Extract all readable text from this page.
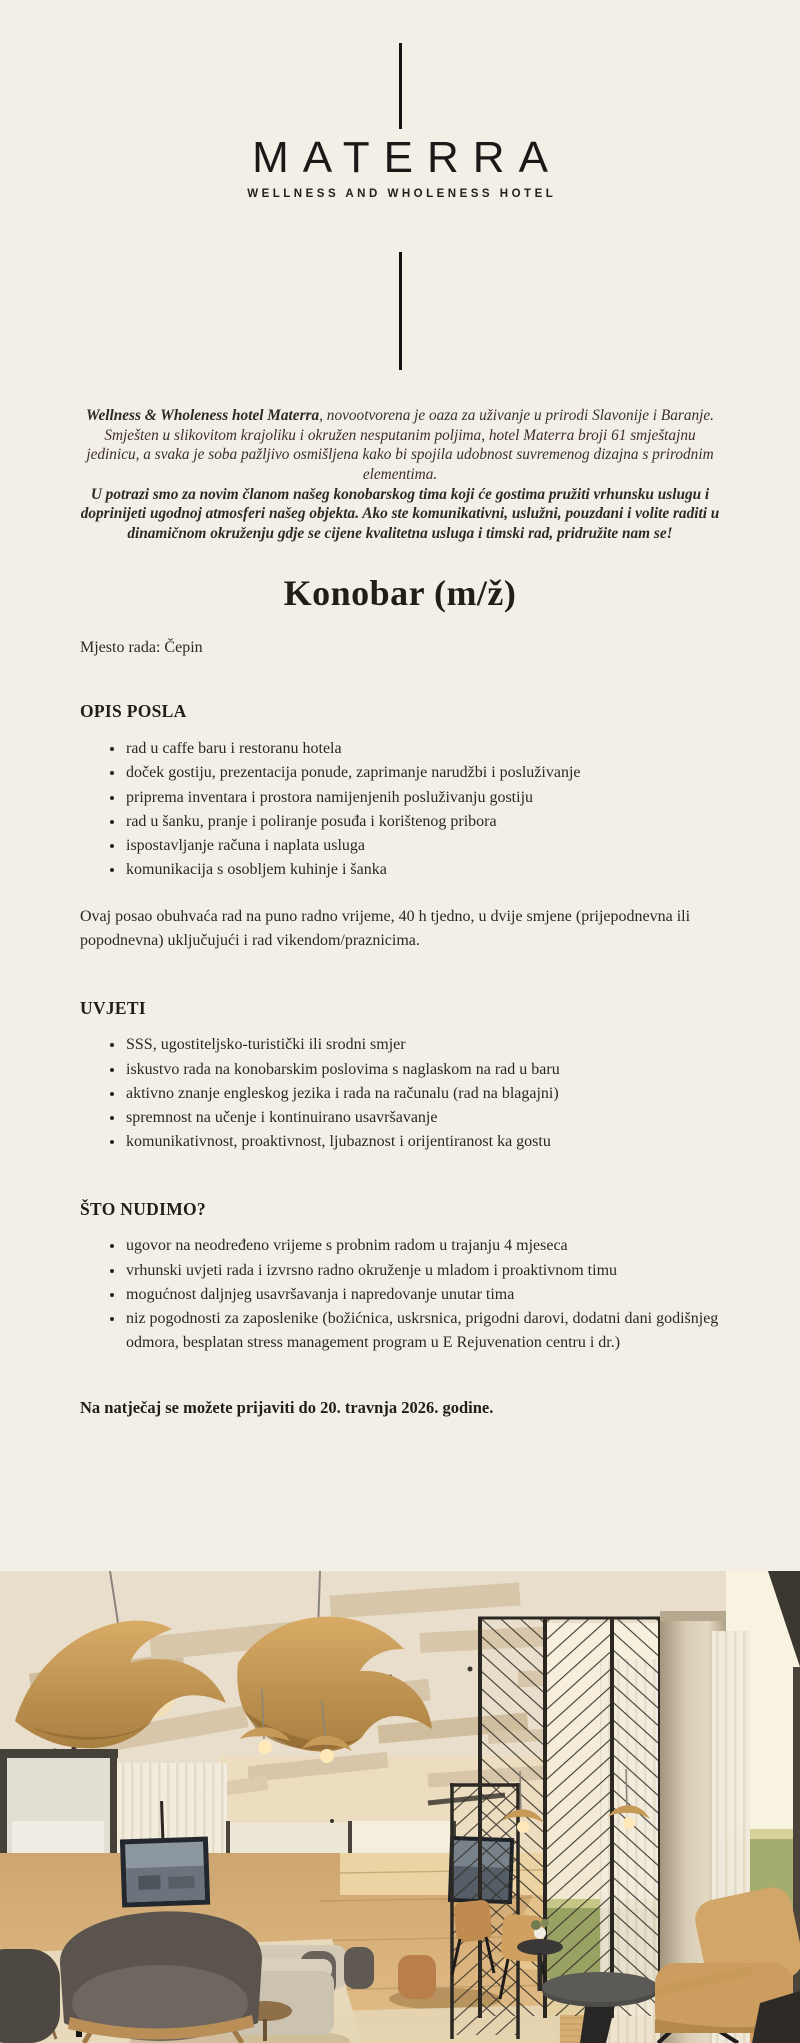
MATERRA
WELLNESS AND WHOLENESS HOTEL

Wellness & Wholeness hotel Materra, novootvorena je oaza za uživanje u prirodi Slavonije i Baranje. Smješten u slikovitom krajoliku i okružen nesputanim poljima, hotel Materra broji 61 smještajnu jedinicu, a svaka je soba pažljivo osmišljena kako bi spojila udobnost suvremenog dizajna s prirodnim elementima.
U potrazi smo za novim članom našeg konobarskog tima koji će gostima pružiti vrhunsku uslugu i doprinijeti ugodnoj atmosferi našeg objekta. Ako ste komunikativni, uslužni, pouzdani i volite raditi u dinamičnom okruženju gdje se cijene kvalitetna usluga i timski rad, pridružite nam se!

Konobar (m/ž)
Mjesto rada: Čepin
OPIS POSLA
• rad u caffe baru i restoranu hotela
• doček gostiju, prezentacija ponude, zaprimanje narudžbi i posluživanje
• priprema inventara i prostora namijenjenih posluživanju gostiju
• rad u šanku, pranje i poliranje posuđa i korištenog pribora
• ispostavljanje računa i naplata usluga
• komunikacija s osobljem kuhinje i šanka

Ovaj posao obuhvaća rad na puno radno vrijeme, 40 h tjedno, u dvije smjene (prijepodnevna ili popodnevna) uključujući i rad vikendom/praznicima.

UVJETI
• SSS, ugostiteljsko-turistički ili srodni smjer
• iskustvo rada na konobarskim poslovima s naglaskom na rad u baru
• aktivno znanje engleskog jezika i rada na računalu (rad na blagajni)
• spremnost na učenje i kontinuirano usavršavanje
• komunikativnost, proaktivnost, ljubaznost i orijentiranost ka gostu
ŠTO NUDIMO?
• ugovor na neodređeno vrijeme s probnim radom u trajanju 4 mjeseca
• vrhunski uvjeti rada i izvrsno radno okruženje u mladom i proaktivnom timu
• mogućnost daljnjeg usavršavanja i napredovanje unutar tima
• niz pogodnosti za zaposlenike (božićnica, uskrsnica, prigodni darovi, dodatni dani godišnjeg odmora, besplatan stress management program u E Rejuvenation centru i dr.)

Na natječaj se možete prijaviti do 20. travnja 2026. godine.
